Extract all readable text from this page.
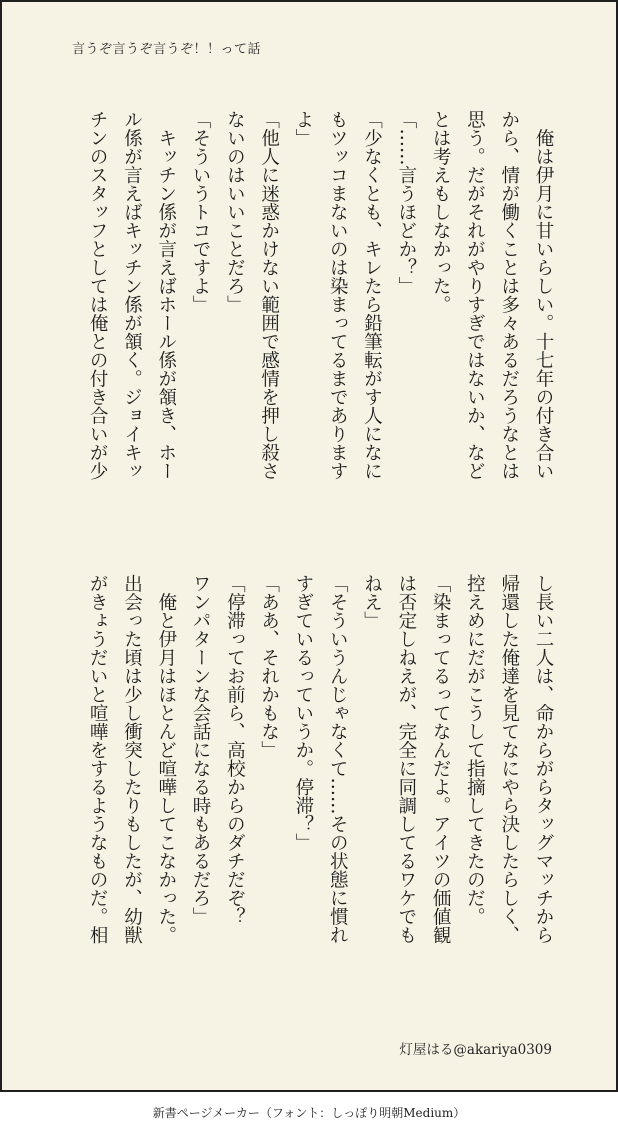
言うぞ言うぞ言うぞ！！って話

　俺は伊月に甘いらしい。十七年の付き合い

から、情が働くことは多々あるだろうなとは

思う。だがそれがやりすぎではないか、など

とは考えもしなかった。

「……言うほどか？」

「少なくとも、キレたら鉛筆転がす人になに

もツッコまないのは染まってるまであります

よ」

「他人に迷惑かけない範囲で感情を押し殺さ

ないのはいいことだろ」

「そういうトコですよ」

　キッチン係が言えばホール係が頷き、ホー

ル係が言えばキッチン係が頷く。ジョイキッ

チンのスタッフとしては俺との付き合いが少

し長い二人は、命からがらタッグマッチから

帰還した俺達を見てなにやら決したらしく、

控えめにだがこうして指摘してきたのだ。

「染まってるってなんだよ。アイツの価値観

は否定しねえが、完全に同調してるワケでも

ねえ」

「そういうんじゃなくて……その状態に慣れ

すぎているっていうか。停滞？」

「ああ、それかもな」

「停滞ってお前ら、高校からのダチだぞ？

ワンパターンな会話になる時もあるだろ」

　俺と伊月はほとんど喧嘩してこなかった。

出会った頃は少し衝突したりもしたが、幼獣

がきょうだいと喧嘩をするようなものだ。相

灯屋はる@akariya0309
新書ページメーカー（フォント：しっぽり明朝Medium）
